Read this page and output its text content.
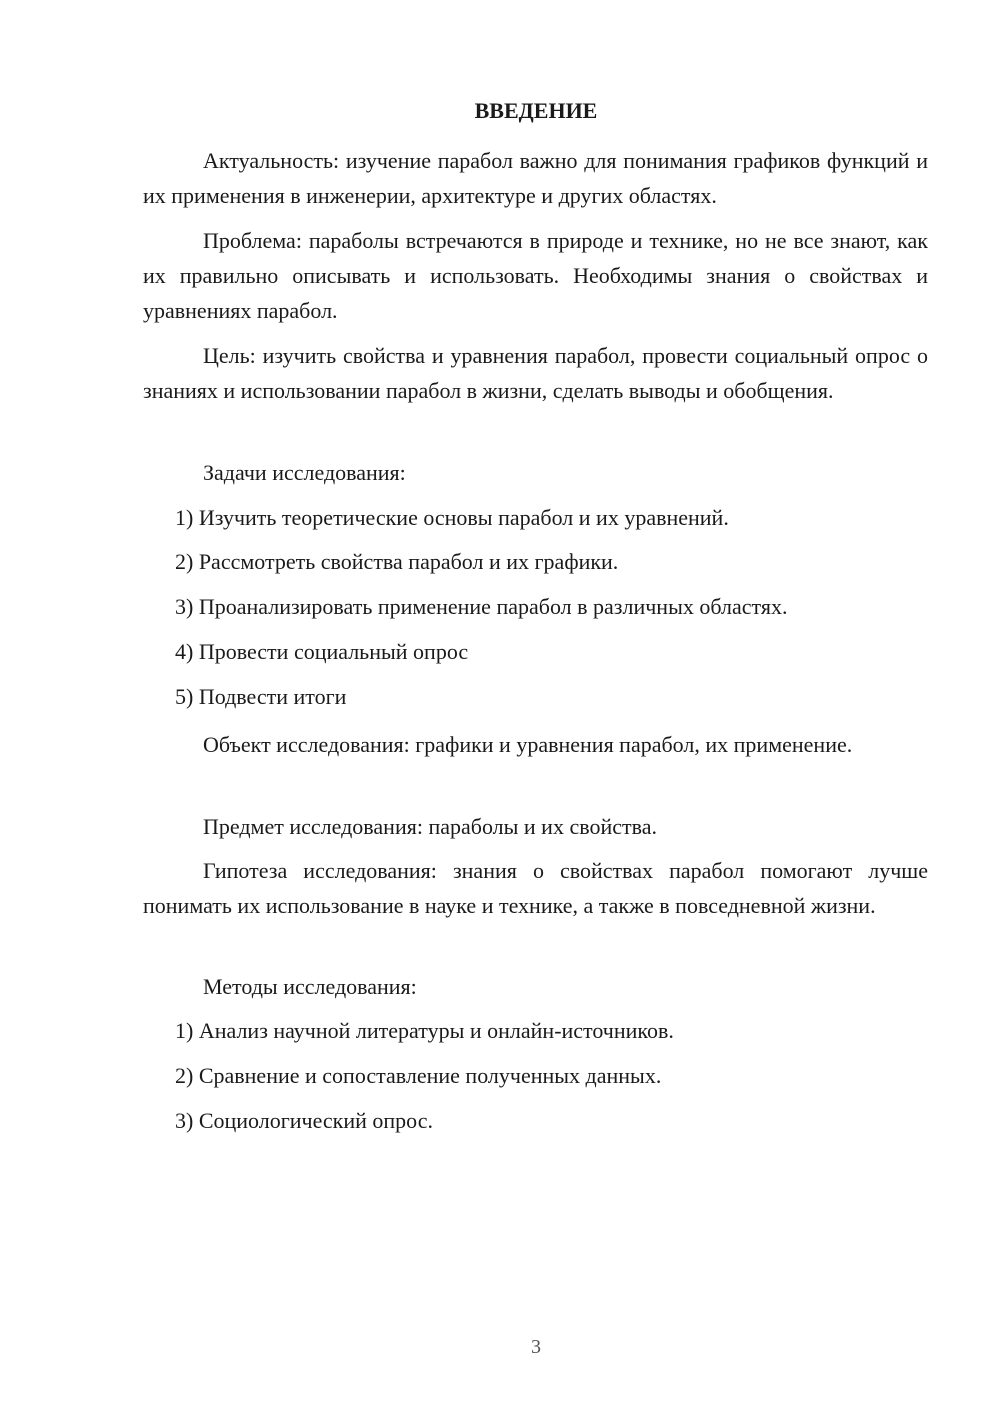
ВВЕДЕНИЕ

Актуальность: изучение парабол важно для понимания графиков функций и их применения в инженерии, архитектуре и других областях.

Проблема: параболы встречаются в природе и технике, но не все знают, как их правильно описывать и использовать. Необходимы знания о свойствах и уравнениях парабол.

Цель: изучить свойства и уравнения парабол, провести социальный опрос о знаниях и использовании парабол в жизни, сделать выводы и обобщения.

Задачи исследования:

1) Изучить теоретические основы парабол и их уравнений.
2) Рассмотреть свойства парабол и их графики.
3) Проанализировать применение парабол в различных областях.
4) Провести социальный опрос
5) Подвести итоги

Объект исследования: графики и уравнения парабол, их применение.

Предмет исследования: параболы и их свойства.

Гипотеза исследования: знания о свойствах парабол помогают лучше понимать их использование в науке и технике, а также в повседневной жизни.

Методы исследования:

1) Анализ научной литературы и онлайн-источников.
2) Сравнение и сопоставление полученных данных.
3) Социологический опрос.
3
